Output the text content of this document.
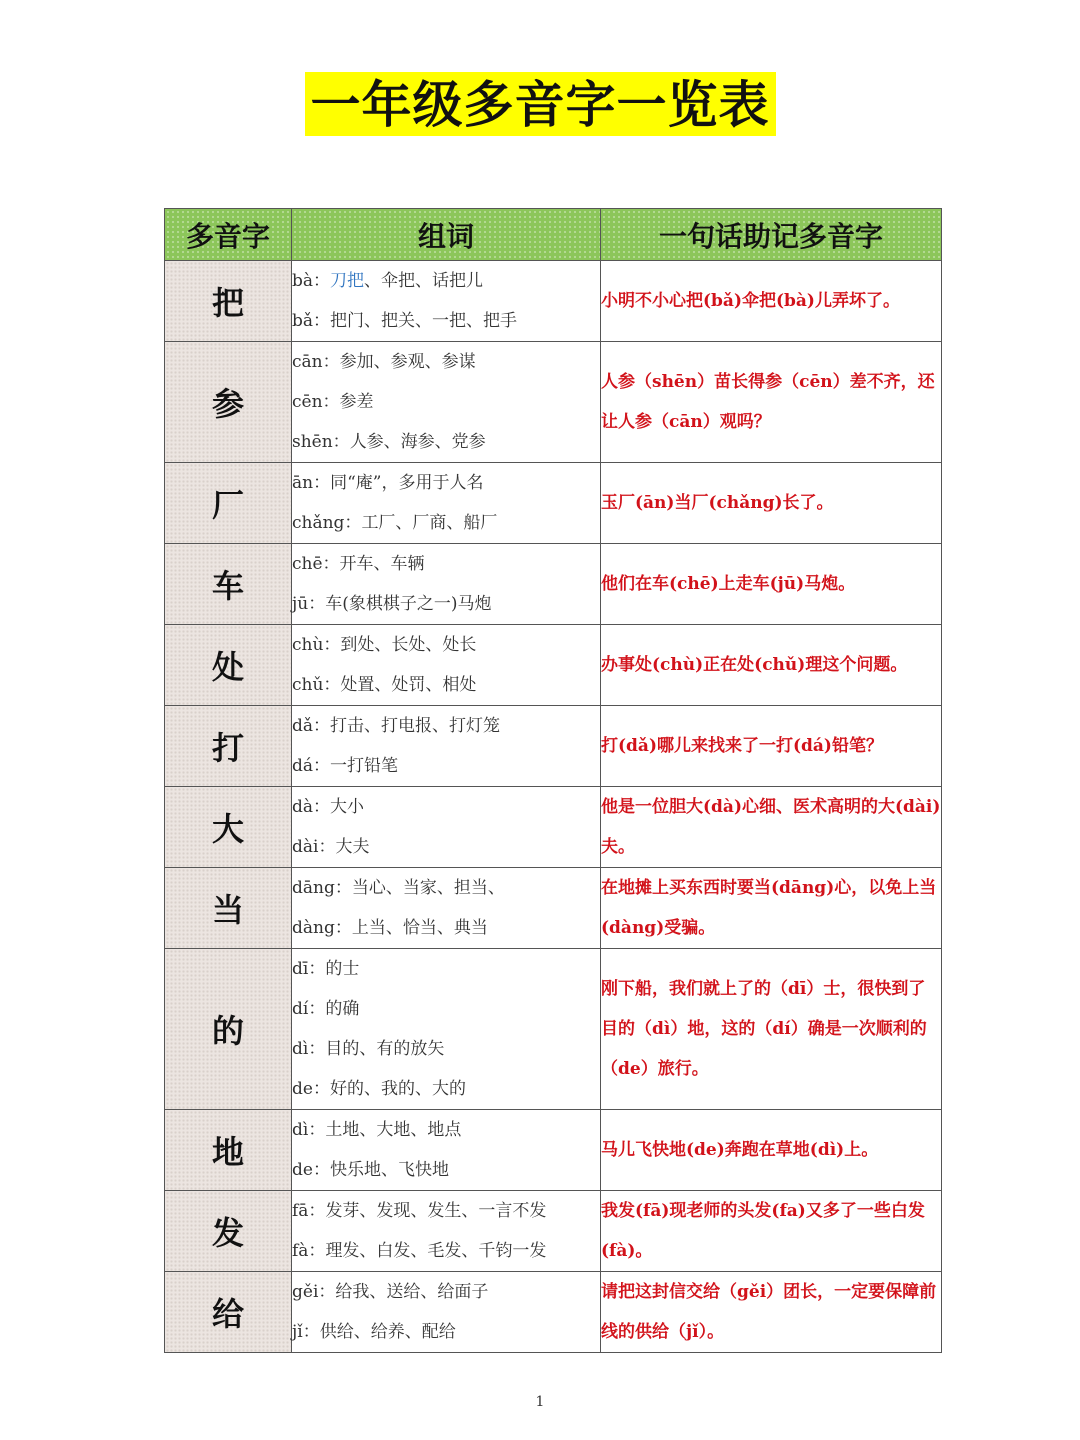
一年级多音字一览表
多音字	组词	一句话助记多音字
把	bà：刀把、伞把、话把儿
bǎ：把门、把关、一把、把手	小明不小心把(bǎ)伞把(bà)儿弄坏了。
参	cān：参加、参观、参谋
cēn：参差
shēn：人参、海参、党参	人参（shēn）苗长得参（cēn）差不齐，还让人参（cān）观吗？
厂	ān：同“庵”，多用于人名
chǎng：工厂、厂商、船厂	玉厂(ān)当厂(chǎng)长了。
车	chē：开车、车辆
jū：车(象棋棋子之一)马炮	他们在车(chē)上走车(jū)马炮。
处	chù：到处、长处、处长
chǔ：处置、处罚、相处	办事处(chù)正在处(chǔ)理这个问题。
打	dǎ：打击、打电报、打灯笼
dá：一打铅笔	打(dǎ)哪儿来找来了一打(dá)铅笔？
大	dà：大小
dài：大夫	他是一位胆大(dà)心细、医术高明的大(dài)夫。
当	dāng：当心、当家、担当、
dàng：上当、恰当、典当	在地摊上买东西时要当(dāng)心，以免上当(dàng)受骗。
的	dī：的士
dí：的确
dì：目的、有的放矢
de：好的、我的、大的	刚下船，我们就上了的（dī）士，很快到了目的（dì）地，这的（dí）确是一次顺利的（de）旅行。
地	dì：土地、大地、地点
de：快乐地、飞快地	马儿飞快地(de)奔跑在草地(dì)上。
发	fā：发芽、发现、发生、一言不发
fà：理发、白发、毛发、千钧一发	我发(fā)现老师的头发(fa)又多了一些白发(fà)。
给	gěi：给我、送给、给面子
jǐ：供给、给养、配给	请把这封信交给（gěi）团长，一定要保障前线的供给（jǐ）。
1
